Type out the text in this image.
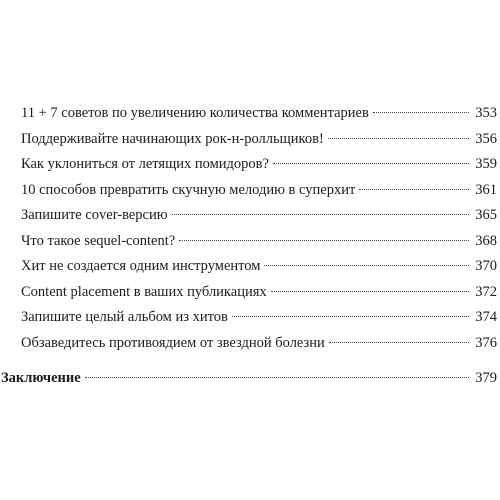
11 + 7 советов по увеличению количества комментариев	353
Поддерживайте начинающих рок-н-ролльщиков!	356
Как уклониться от летящих помидоров?	359
10 способов превратить скучную мелодию в суперхит	361
Запишите cover-версию	365
Что такое sequel-content?	368
Хит не создается одним инструментом	370
Content placement в ваших публикациях	372
Запишите целый альбом из хитов	374
Обзаведитесь противоядием от звездной болезни	376
Заключение	379
